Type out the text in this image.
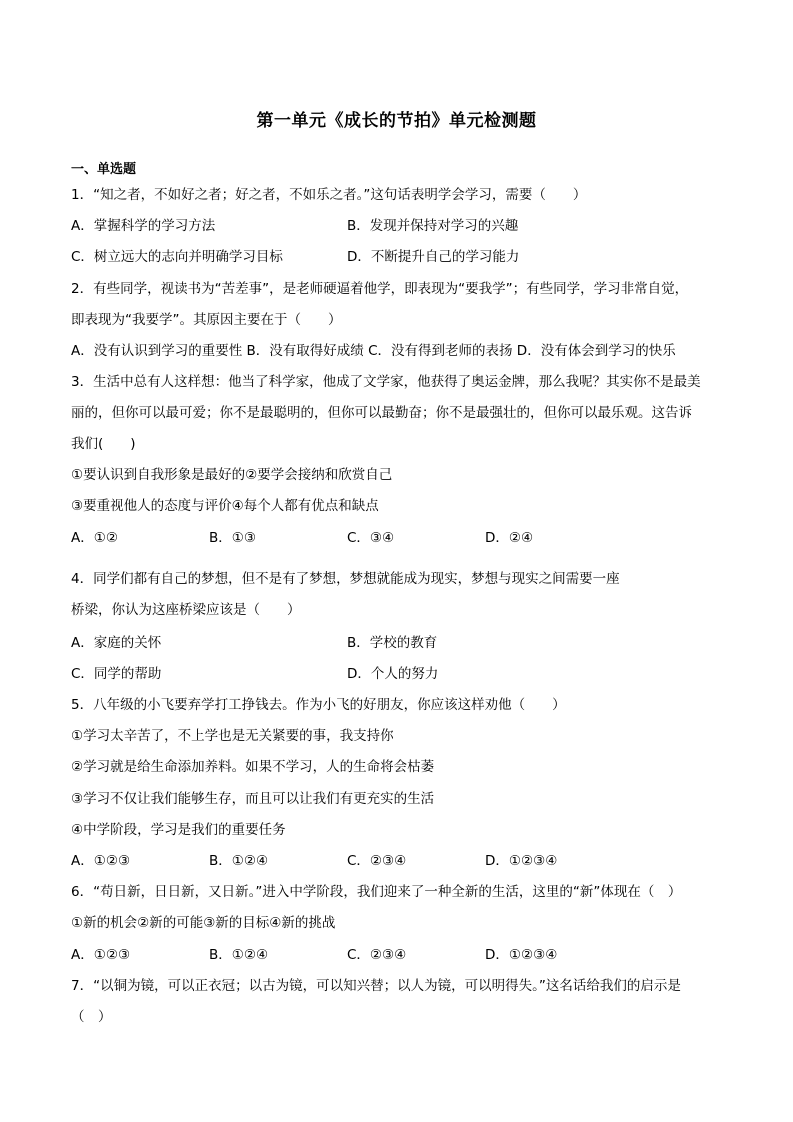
第一单元《成长的节拍》单元检测题
一、单选题
1．“知之者，不如好之者；好之者，不如乐之者。”这句话表明学会学习，需要（　　）
A．掌握科学的学习方法	B．发现并保持对学习的兴趣
C．树立远大的志向并明确学习目标	D．不断提升自己的学习能力
2．有些同学，视读书为“苦差事”，是老师硬逼着他学，即表现为“要我学”；有些同学，学习非常自觉，
即表现为“我要学”。其原因主要在于（　　）
A．没有认识到学习的重要性 B．没有取得好成绩 C．没有得到老师的表扬 D．没有体会到学习的快乐
3．生活中总有人这样想：他当了科学家，他成了文学家，他获得了奥运金牌，那么我呢？其实你不是最美
丽的，但你可以最可爱；你不是最聪明的，但你可以最勤奋；你不是最强壮的，但你可以最乐观。这告诉
我们(　　)
①要认识到自我形象是最好的②要学会接纳和欣赏自己
③要重视他人的态度与评价④每个人都有优点和缺点
A．①②	B．①③	C．③④	D．②④
4．同学们都有自己的梦想，但不是有了梦想，梦想就能成为现实，梦想与现实之间需要一座
桥梁，你认为这座桥梁应该是（　　）
A．家庭的关怀	B．学校的教育
C．同学的帮助	D．个人的努力
5．八年级的小飞要弃学打工挣钱去。作为小飞的好朋友，你应该这样劝他（　　）
①学习太辛苦了，不上学也是无关紧要的事，我支持你
②学习就是给生命添加养料。如果不学习，人的生命将会枯萎
③学习不仅让我们能够生存，而且可以让我们有更充实的生活
④中学阶段，学习是我们的重要任务
A．①②③	B．①②④	C．②③④	D．①②③④
6．“苟日新，日日新，又日新。”进入中学阶段，我们迎来了一种全新的生活，这里的“新”体现在（　）
①新的机会②新的可能③新的目标④新的挑战
A．①②③	B．①②④	C．②③④	D．①②③④
7．“以铜为镜，可以正衣冠；以古为镜，可以知兴替；以人为镜，可以明得失。”这名话给我们的启示是
（　）
